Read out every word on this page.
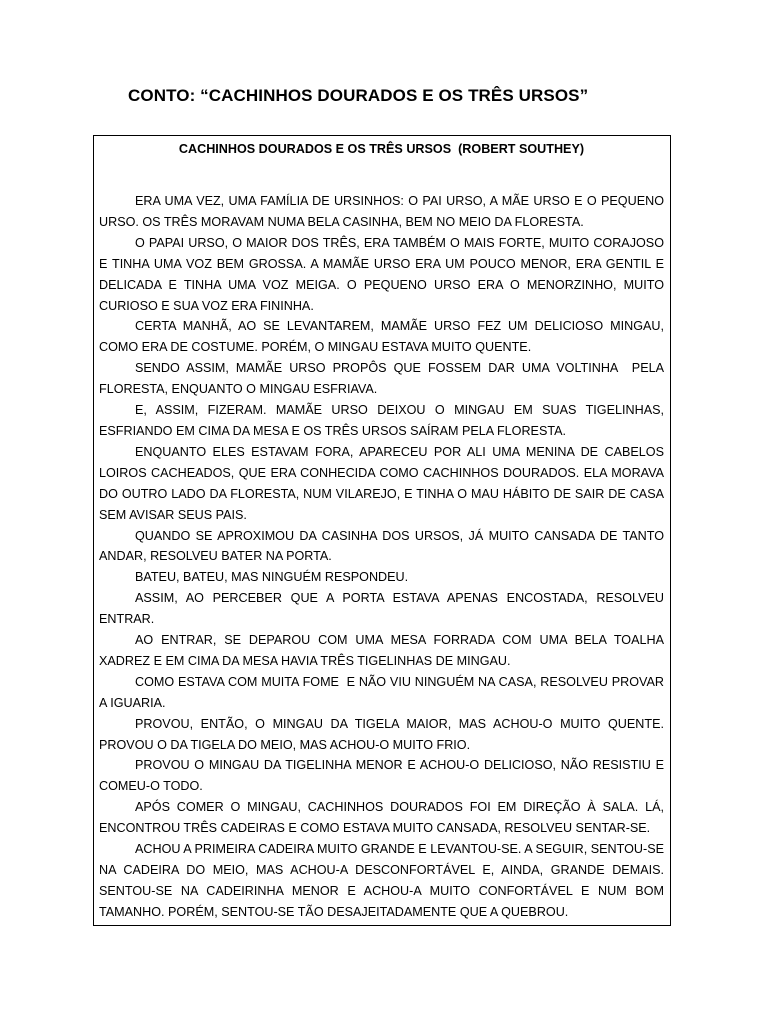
CONTO: “CACHINHOS DOURADOS E OS TRÊS URSOS”
CACHINHOS DOURADOS E OS TRÊS URSOS  (ROBERT SOUTHEY)

ERA UMA VEZ, UMA FAMÍLIA DE URSINHOS: O PAI URSO, A MÃE URSO E O PEQUENO URSO. OS TRÊS MORAVAM NUMA BELA CASINHA, BEM NO MEIO DA FLORESTA.

O PAPAI URSO, O MAIOR DOS TRÊS, ERA TAMBÉM O MAIS FORTE, MUITO CORAJOSO E TINHA UMA VOZ BEM GROSSA. A MAMÃE URSO ERA UM POUCO MENOR, ERA GENTIL E DELICADA E TINHA UMA VOZ MEIGA. O PEQUENO URSO ERA O MENORZINHO, MUITO CURIOSO E SUA VOZ ERA FININHA.

CERTA MANHÃ, AO SE LEVANTAREM, MAMÃE URSO FEZ UM DELICIOSO MINGAU, COMO ERA DE COSTUME. PORÉM, O MINGAU ESTAVA MUITO QUENTE.

SENDO ASSIM, MAMÃE URSO PROPÔS QUE FOSSEM DAR UMA VOLTINHA  PELA FLORESTA, ENQUANTO O MINGAU ESFRIAVA.

E, ASSIM, FIZERAM. MAMÃE URSO DEIXOU O MINGAU EM SUAS TIGELINHAS, ESFRIANDO EM CIMA DA MESA E OS TRÊS URSOS SAÍRAM PELA FLORESTA.

ENQUANTO ELES ESTAVAM FORA, APARECEU POR ALI UMA MENINA DE CABELOS LOIROS CACHEADOS, QUE ERA CONHECIDA COMO CACHINHOS DOURADOS. ELA MORAVA DO OUTRO LADO DA FLORESTA, NUM VILAREJO, E TINHA O MAU HÁBITO DE SAIR DE CASA SEM AVISAR SEUS PAIS.

QUANDO SE APROXIMOU DA CASINHA DOS URSOS, JÁ MUITO CANSADA DE TANTO ANDAR, RESOLVEU BATER NA PORTA.

BATEU, BATEU, MAS NINGUÉM RESPONDEU.

ASSIM, AO PERCEBER QUE A PORTA ESTAVA APENAS ENCOSTADA, RESOLVEU ENTRAR.

AO ENTRAR, SE DEPAROU COM UMA MESA FORRADA COM UMA BELA TOALHA XADREZ E EM CIMA DA MESA HAVIA TRÊS TIGELINHAS DE MINGAU.

COMO ESTAVA COM MUITA FOME  E NÃO VIU NINGUÉM NA CASA, RESOLVEU PROVAR A IGUARIA.

PROVOU, ENTÃO, O MINGAU DA TIGELA MAIOR, MAS ACHOU-O MUITO QUENTE. PROVOU O DA TIGELA DO MEIO, MAS ACHOU-O MUITO FRIO.

PROVOU O MINGAU DA TIGELINHA MENOR E ACHOU-O DELICIOSO, NÃO RESISTIU E COMEU-O TODO.

APÓS COMER O MINGAU, CACHINHOS DOURADOS FOI EM DIREÇÃO À SALA. LÁ, ENCONTROU TRÊS CADEIRAS E COMO ESTAVA MUITO CANSADA, RESOLVEU SENTAR-SE.

ACHOU A PRIMEIRA CADEIRA MUITO GRANDE E LEVANTOU-SE. A SEGUIR, SENTOU-SE NA CADEIRA DO MEIO, MAS ACHOU-A DESCONFORTÁVEL E, AINDA, GRANDE DEMAIS. SENTOU-SE NA CADEIRINHA MENOR E ACHOU-A MUITO CONFORTÁVEL E NUM BOM TAMANHO. PORÉM, SENTOU-SE TÃO DESAJEITADAMENTE QUE A QUEBROU.
